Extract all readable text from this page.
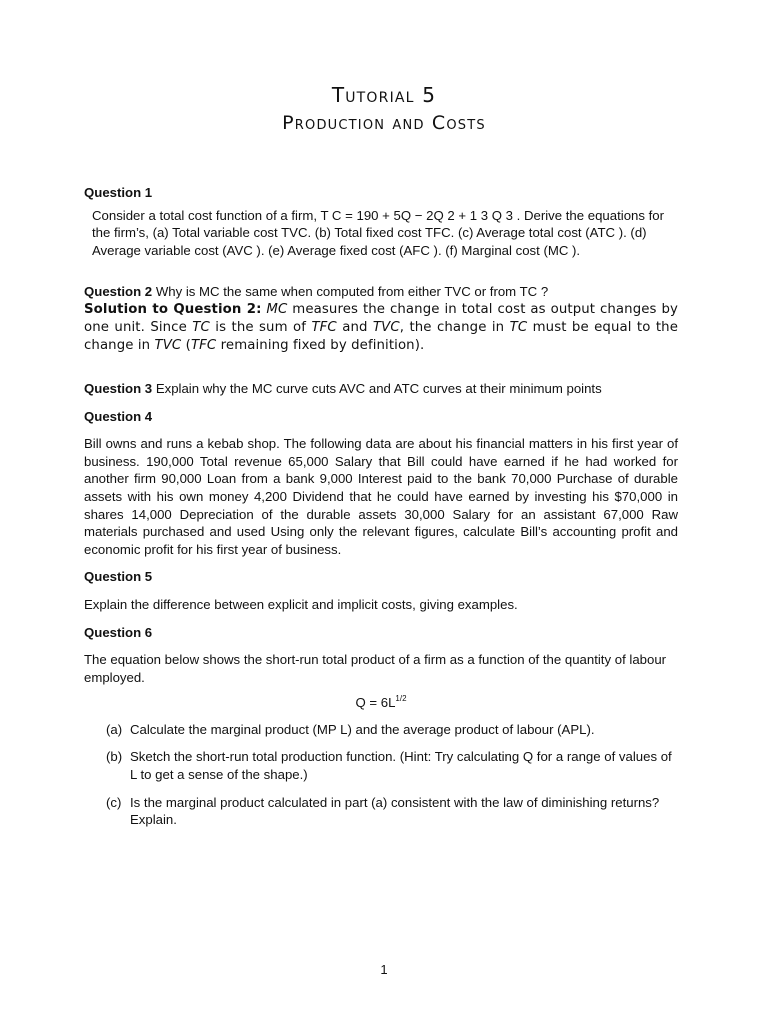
Tutorial 5
Production and Costs

Question 1

Consider a total cost function of a firm, T C = 190 + 5Q − 2Q 2 + 1 3 Q 3 . Derive the equations for the firm’s, (a) Total variable cost TVC. (b) Total fixed cost TFC. (c) Average total cost (ATC ). (d) Average variable cost (AVC ). (e) Average fixed cost (AFC ). (f) Marginal cost (MC ).

Question 2 Why is MC the same when computed from either TVC or from TC ?

Solution to Question 2: MC measures the change in total cost as output changes by one unit. Since TC is the sum of TFC and TVC, the change in TC must be equal to the change in TVC (TFC remaining fixed by definition).

Question 3 Explain why the MC curve cuts AVC and ATC curves at their minimum points

Question 4

Bill owns and runs a kebab shop. The following data are about his financial matters in his first year of business. 190,000 Total revenue 65,000 Salary that Bill could have earned if he had worked for another firm 90,000 Loan from a bank 9,000 Interest paid to the bank 70,000 Purchase of durable assets with his own money 4,200 Dividend that he could have earned by investing his $70,000 in shares 14,000 Depreciation of the durable assets 30,000 Salary for an assistant 67,000 Raw materials purchased and used Using only the relevant figures, calculate Bill’s accounting profit and economic profit for his first year of business.

Question 5

Explain the difference between explicit and implicit costs, giving examples.

Question 6

The equation below shows the short-run total product of a firm as a function of the quantity of labour employed.

$Q = 6L^{1/2}$

(a) Calculate the marginal product (MP L) and the average product of labour (APL).

(b) Sketch the short-run total production function. (Hint: Try calculating Q for a range of values of L to get a sense of the shape.)

(c) Is the marginal product calculated in part (a) consistent with the law of diminishing returns? Explain.

1
